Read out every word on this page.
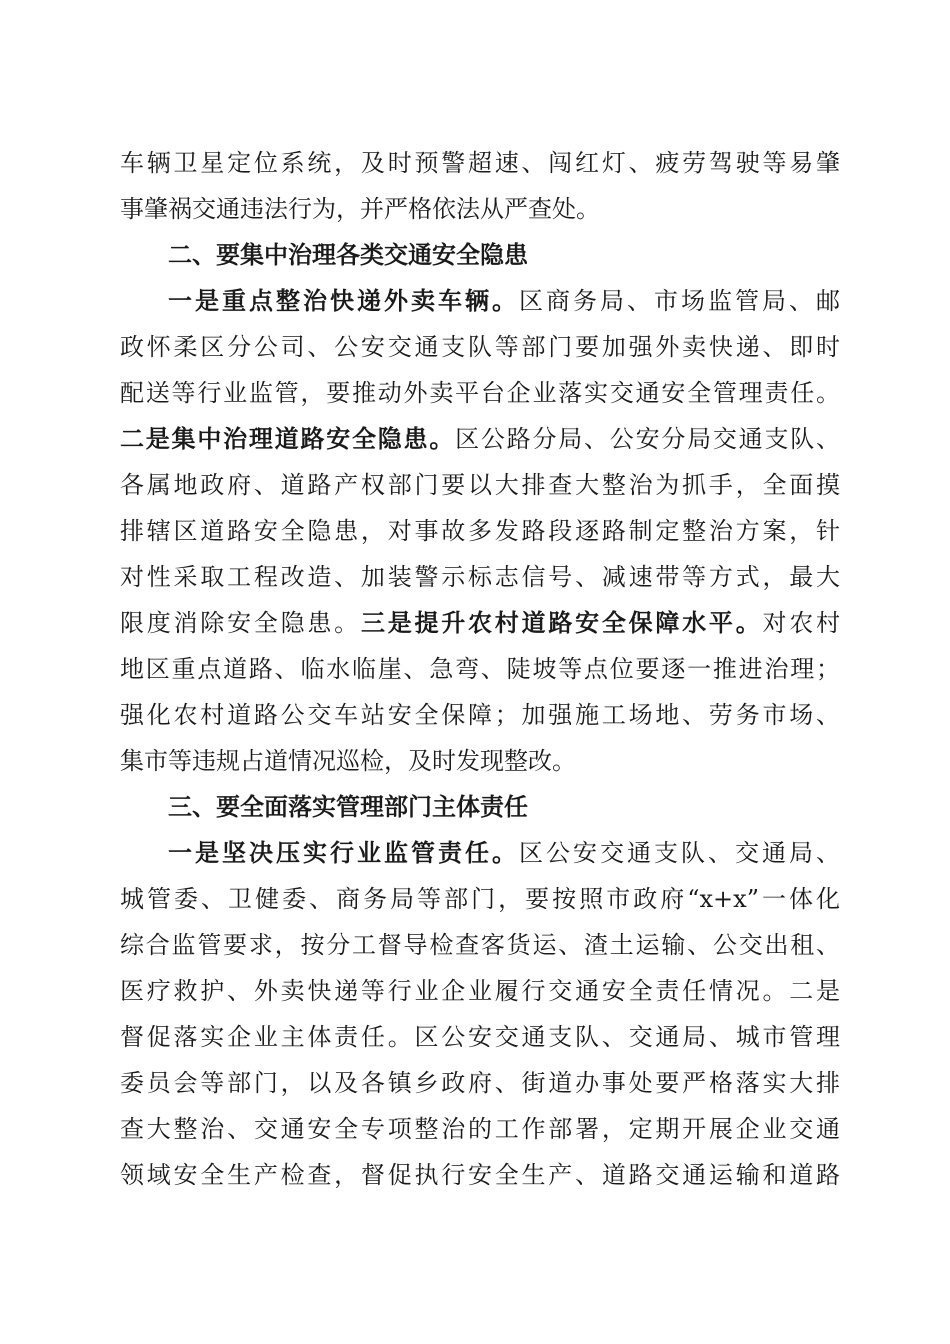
车辆卫星定位系统，及时预警超速、闯红灯、疲劳驾驶等易肇
事肇祸交通违法行为，并严格依法从严查处。
二、要集中治理各类交通安全隐患
一是重点整治快递外卖车辆。区商务局、市场监管局、邮
政怀柔区分公司、公安交通支队等部门要加强外卖快递、即时
配送等行业监管，要推动外卖平台企业落实交通安全管理责任。
二是集中治理道路安全隐患。区公路分局、公安分局交通支队、
各属地政府、道路产权部门要以大排查大整治为抓手，全面摸
排辖区道路安全隐患，对事故多发路段逐路制定整治方案，针
对性采取工程改造、加装警示标志信号、减速带等方式，最大
限度消除安全隐患。三是提升农村道路安全保障水平。对农村
地区重点道路、临水临崖、急弯、陡坡等点位要逐一推进治理；
强化农村道路公交车站安全保障；加强施工场地、劳务市场、
集市等违规占道情况巡检，及时发现整改。
三、要全面落实管理部门主体责任
一是坚决压实行业监管责任。区公安交通支队、交通局、
城管委、卫健委、商务局等部门，要按照市政府“x+x”一体化
综合监管要求，按分工督导检查客货运、渣土运输、公交出租、
医疗救护、外卖快递等行业企业履行交通安全责任情况。二是
督促落实企业主体责任。区公安交通支队、交通局、城市管理
委员会等部门，以及各镇乡政府、街道办事处要严格落实大排
查大整治、交通安全专项整治的工作部署，定期开展企业交通
领域安全生产检查，督促执行安全生产、道路交通运输和道路
